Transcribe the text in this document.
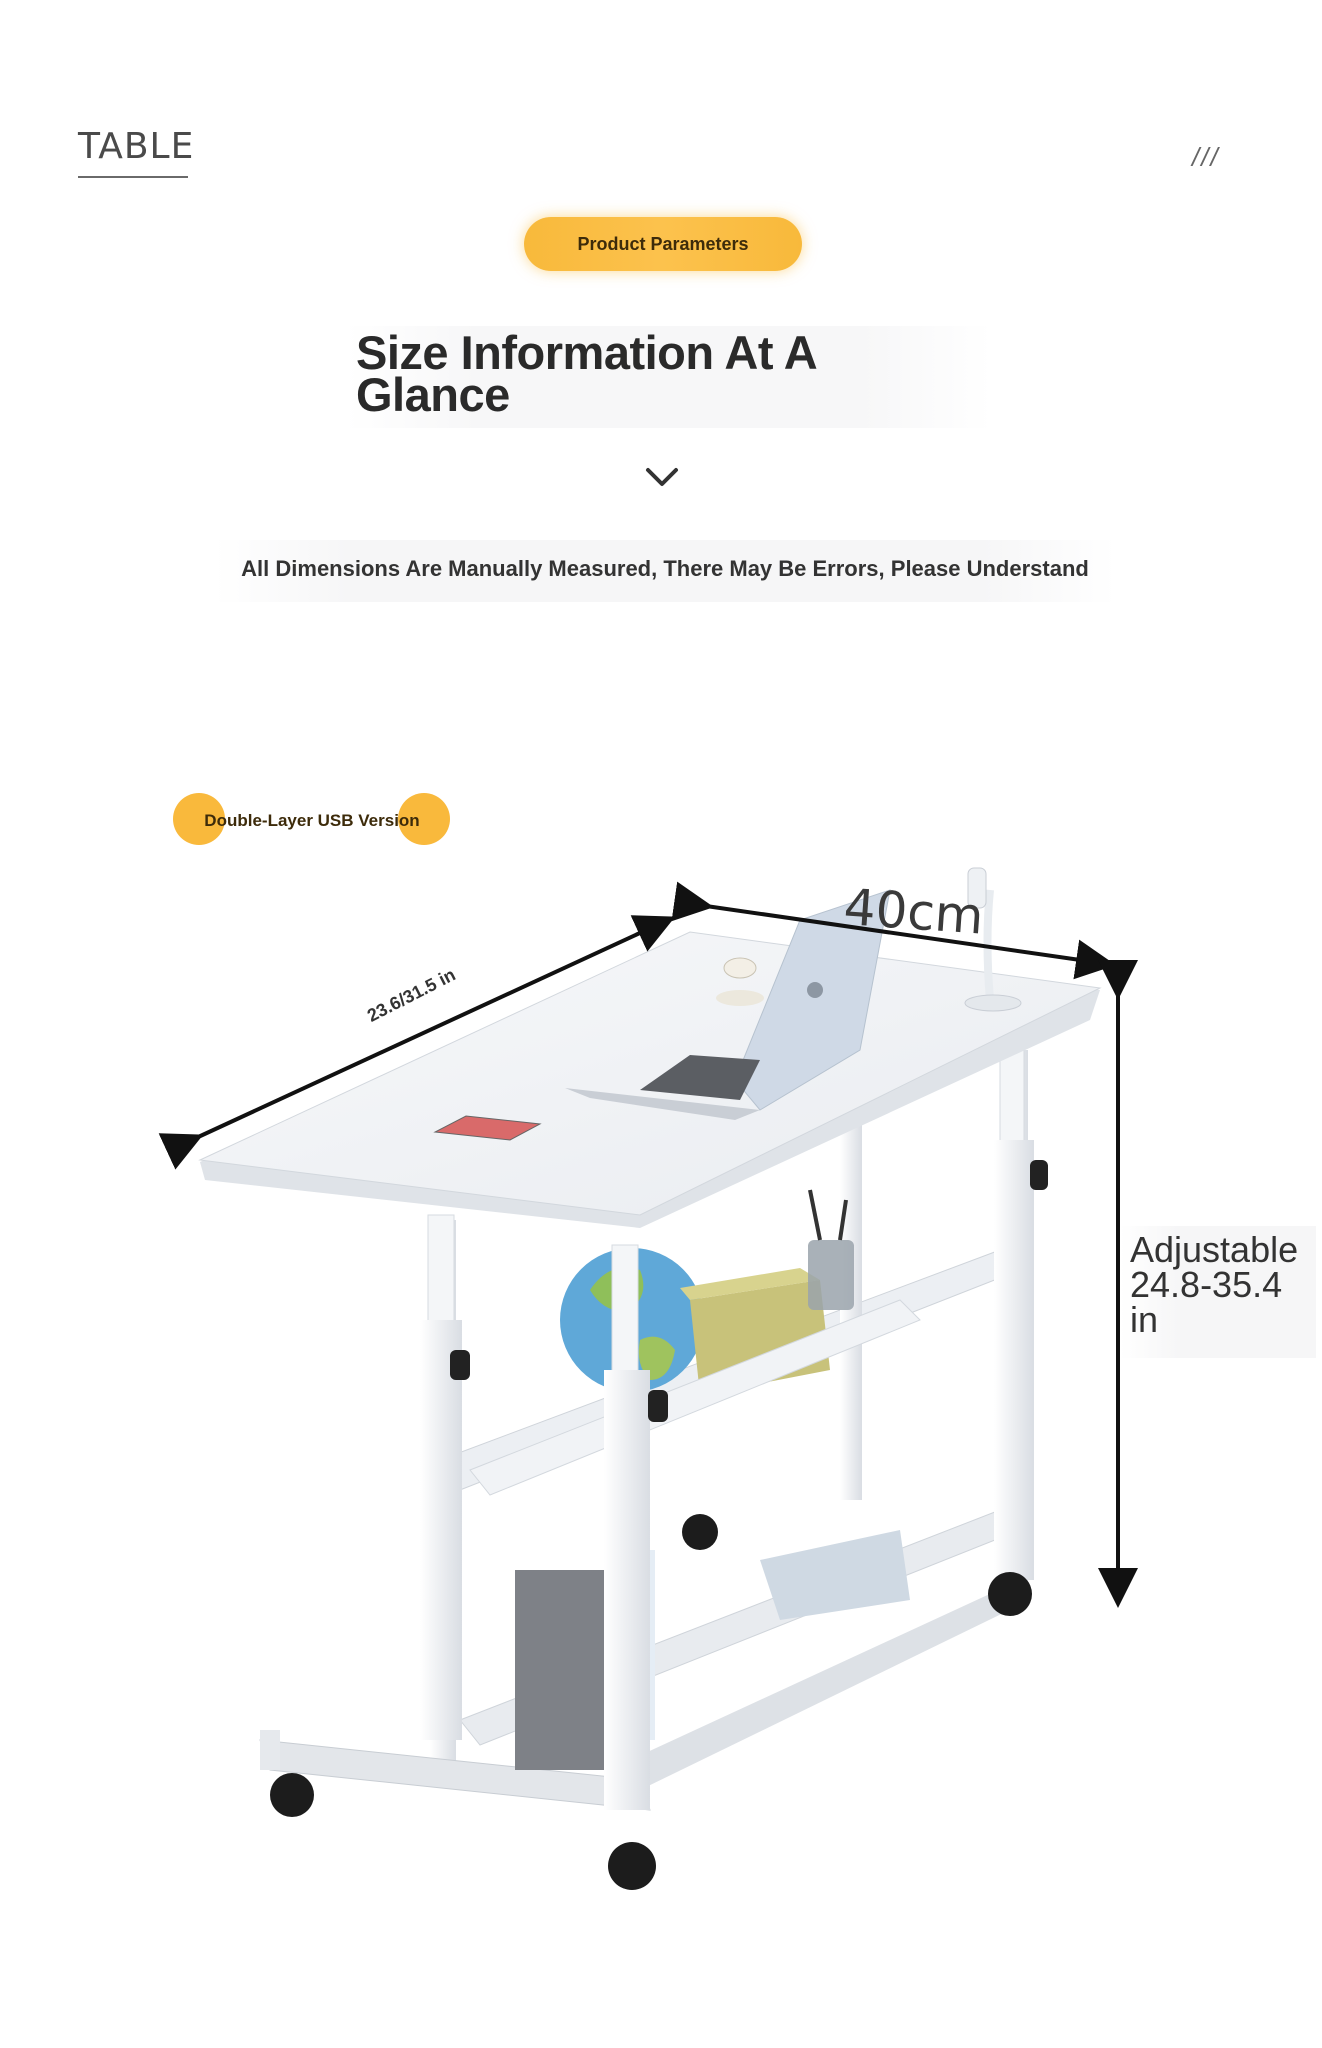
TABLE	///
Product Parameters
Size Information At A Glance
All Dimensions Are Manually Measured, There May Be Errors, Please Understand
Double-Layer USB Version
23.6/31.5 in
40cm
Adjustable 24.8-35.4 in
